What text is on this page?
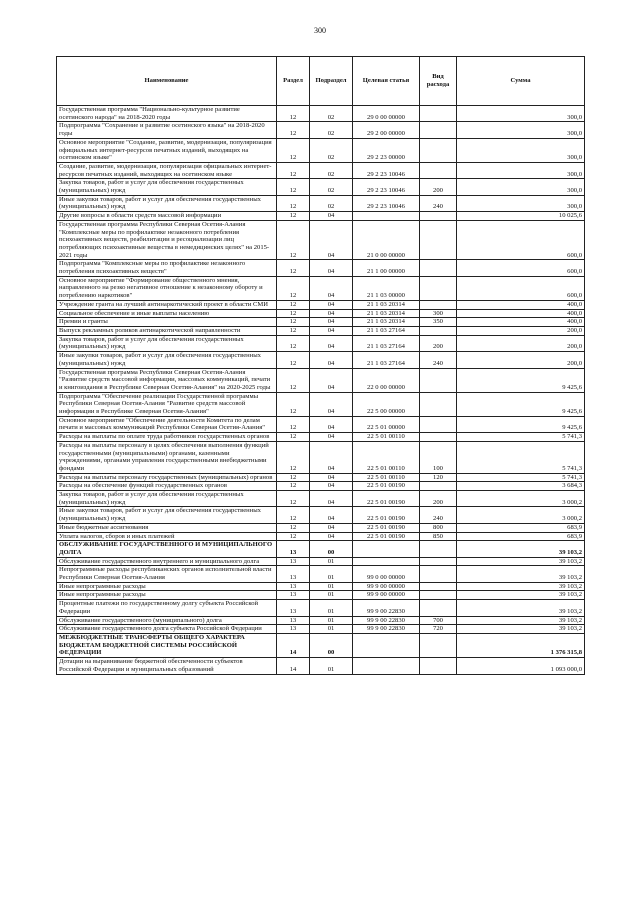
300
Наименование	Раздел	Подраздел	Целевая статья	Вид расхода	Сумма
Государственная программа "Национально-культурное развитие осетинского народа" на 2018-2020 годы	12	02	29 0 00 00000		300,0
Подпрограмма "Сохранение и развитие осетинского языка" на 2018-2020 годы	12	02	29 2 00 00000		300,0
Основное мероприятие "Создание, развитие, модернизация, популяризация официальных интернет-ресурсов печатных изданий, выходящих на осетинском языке"	12	02	29 2 23 00000		300,0
Создание, развитие, модернизация, популяризация официальных интернет-ресурсов печатных изданий, выходящих на осетинском языке	12	02	29 2 23 10046		300,0
Закупка товаров, работ и услуг для обеспечения государственных (муниципальных) нужд	12	02	29 2 23 10046	200	300,0
Иные закупки товаров, работ и услуг для обеспечения государственных (муниципальных) нужд	12	02	29 2 23 10046	240	300,0
Другие вопросы в области средств массовой информации	12	04			10 025,6
Государственная программа Республики Северная Осетия-Алания "Комплексные меры по профилактике незаконного потребления психоактивных веществ, реабилитации и ресоциализации лиц потребляющих психоактивные вещества в немедицинских целях" на 2015-2021 годы	12	04	21 0 00 00000		600,0
Подпрограмма "Комплексные меры по профилактике незаконного потребления психоактивных веществ"	12	04	21 1 00 00000		600,0
Основное мероприятие "Формирование общественного мнения, направленного на резко негативное отношение к незаконному обороту и потреблению наркотиков"	12	04	21 1 03 00000		600,0
Учреждение гранта на лучший антинаркотический проект в области СМИ	12	04	21 1 03 20314		400,0
Социальное обеспечение и иные выплаты населению	12	04	21 1 03 20314	300	400,0
Премии и гранты	12	04	21 1 03 20314	350	400,0
Выпуск рекламных роликов антинаркотической направленности	12	04	21 1 03 27164		200,0
Закупка товаров, работ и услуг для обеспечения государственных (муниципальных) нужд	12	04	21 1 03 27164	200	200,0
Иные закупки товаров, работ и услуг для обеспечения государственных (муниципальных) нужд	12	04	21 1 03 27164	240	200,0
Государственная программа Республики Северная Осетия-Алания "Развитие средств массовой информации, массовых коммуникаций, печати и книгоиздания в Республике Северная Осетия-Алания" на 2020-2025 годы	12	04	22 0 00 00000		9 425,6
Подпрограмма "Обеспечение реализации Государственной программы Республики Северная Осетия-Алания "Развитие средств массовой информации в Республике Северная Осетия-Алания"	12	04	22 5 00 00000		9 425,6
Основное мероприятие "Обеспечение деятельности Комитета по делам печати и массовых коммуникаций Республики Северная Осетия-Алания"	12	04	22 5 01 00000		9 425,6
Расходы на выплаты по оплате труда работников государственных органов	12	04	22 5 01 00110		5 741,3
Расходы на выплаты персоналу в целях обеспечения выполнения функций государственными (муниципальными) органами, казенными учреждениями, органами управления государственными внебюджетными фондами	12	04	22 5 01 00110	100	5 741,3
Расходы на выплаты персоналу государственных (муниципальных) органов	12	04	22 5 01 00110	120	5 741,3
Расходы на обеспечение функций государственных органов	12	04	22 5 01 00190		3 684,3
Закупка товаров, работ и услуг для обеспечения государственных (муниципальных) нужд	12	04	22 5 01 00190	200	3 000,2
Иные закупки товаров, работ и услуг для обеспечения государственных (муниципальных) нужд	12	04	22 5 01 00190	240	3 000,2
Иные бюджетные ассигнования	12	04	22 5 01 00190	800	683,9
Уплата налогов, сборов и иных платежей	12	04	22 5 01 00190	850	683,9
ОБСЛУЖИВАНИЕ ГОСУДАРСТВЕННОГО И МУНИЦИПАЛЬНОГО ДОЛГА	13	00			39 103,2
Обслуживание государственного внутреннего и муниципального долга	13	01			39 103,2
Непрограммные расходы республиканских органов исполнительной власти Республики Северная Осетия-Алания	13	01	99 0 00 00000		39 103,2
Иные непрограммные расходы	13	01	99 9 00 00000		39 103,2
Иные непрограммные расходы	13	01	99 9 00 00000		39 103,2
Процентные платежи по государственному долгу субъекта Российской Федерации	13	01	99 9 00 22830		39 103,2
Обслуживание государственного (муниципального) долга	13	01	99 9 00 22830	700	39 103,2
Обслуживание государственного долга субъекта Российской Федерации	13	01	99 9 00 22830	720	39 103,2
МЕЖБЮДЖЕТНЫЕ ТРАНСФЕРТЫ ОБЩЕГО ХАРАКТЕРА БЮДЖЕТАМ БЮДЖЕТНОЙ СИСТЕМЫ РОССИЙСКОЙ ФЕДЕРАЦИИ	14	00			1 376 315,8
Дотации на выравнивание бюджетной обеспеченности субъектов Российской Федерации и муниципальных образований	14	01			1 093 000,0
